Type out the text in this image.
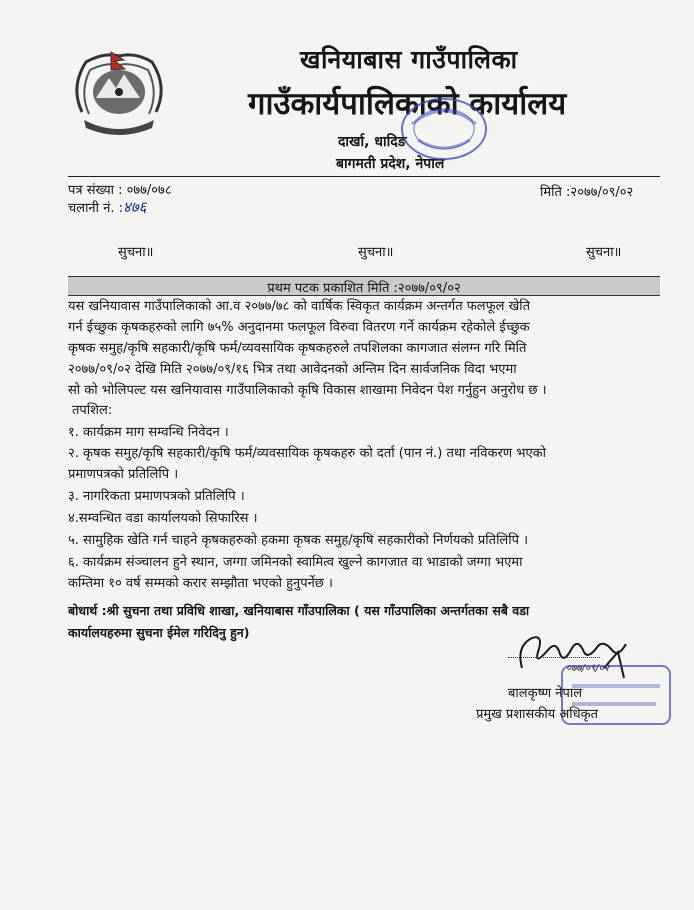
खनियाबास गाउँपालिका
गाउँकार्यपालिकाको कार्यालय
दार्खा, धादिङ
बागमती प्रदेश, नेपाल
पत्र संख्या : ०७७/०७८
चलानी नं. :४७६
मिति :२०७७/०९/०२
सुचना॥	सुचना॥	सुचना॥
प्रथम पटक प्रकाशित मिति :२०७७/०९/०२
यस खनियावास गाउँपालिकाको आ.व २०७७/७८ को वार्षिक स्विकृत कार्यक्रम अन्तर्गत फलफूल खेति
गर्न ईच्छुक कृषकहरुको लागि ७५% अनुदानमा फलफूल विरुवा वितरण गर्ने कार्यक्रम रहेकोले ईच्छुक
कृषक समुह/कृषि सहकारी/कृषि फर्म/व्यवसायिक कृषकहरुले तपशिलका कागजात संलग्न गरि मिति
२०७७/०९/०२ देखि मिति २०७७/०९/१६ भित्र तथा आवेदनको अन्तिम दिन सार्वजनिक विदा भएमा
सो को भोलिपल्ट यस खनियावास गाउँपालिकाको कृषि विकास शाखामा निवेदन पेश गर्नुहुन अनुरोध छ ।
तपशिल:
१. कार्यक्रम माग सम्वन्धि निवेदन ।
२. कृषक समुह/कृषि सहकारी/कृषि फर्म/व्यवसायिक कृषकहरु को दर्ता (पान नं.) तथा नविकरण भएको
प्रमाणपत्रको प्रतिलिपि ।
३. नागरिकता प्रमाणपत्रको प्रतिलिपि ।
४.सम्वन्धित वडा कार्यालयको सिफारिस ।
५. सामुहिक खेति गर्न चाहने कृषकहरुको हकमा कृषक समुह/कृषि सहकारीको निर्णयको प्रतिलिपि ।
६. कार्यक्रम संञ्चालन हुने स्थान, जग्गा जमिनको स्वामित्व खुल्ने कागजात वा भाडाको जग्गा भएमा
कम्तिमा १० वर्ष सम्मको करार सम्झौता भएको हुनुपर्नेछ ।
बोधार्थ :श्री सुचना तथा प्रविधि शाखा, खनियाबास गाँउपालिका ( यस गाँउपालिका अन्तर्गतका सबै वडा
कार्यालयहरुमा सुचना ईमेल गरिदिनु हुन)
०७७/०९/०२
बालकृष्ण नेपाल
प्रमुख प्रशासकीय अधिकृत
